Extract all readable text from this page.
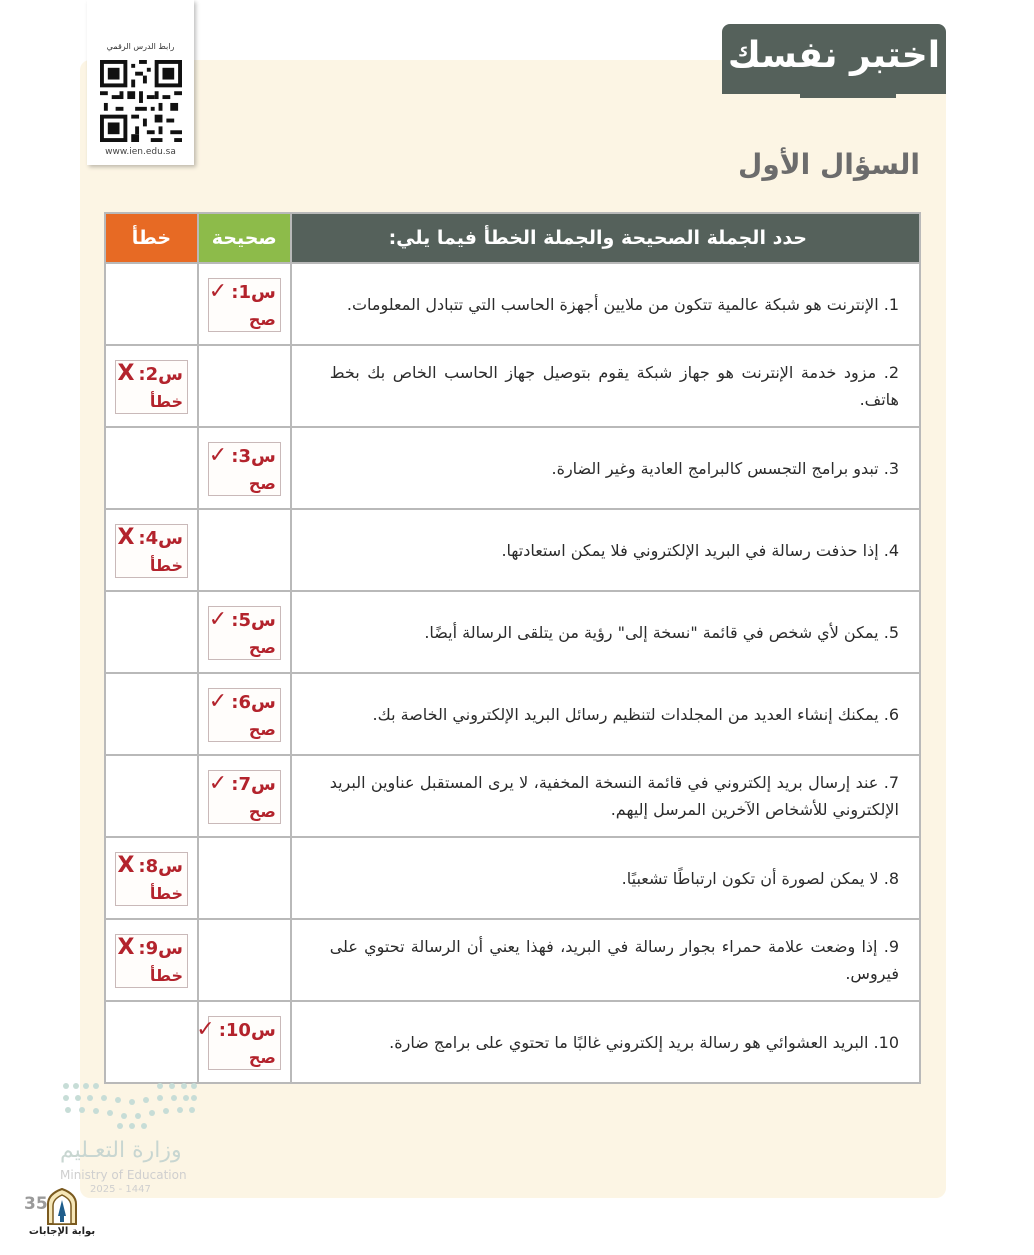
رابط الدرس الرقمي
www.ien.edu.sa
اختبر نفسك
السؤال الأول
حدد الجملة الصحيحة والجملة الخطأ فيما يلي:	صحيحة	خطأ
1. الإنترنت هو شبكة عالمية تتكون من ملايين أجهزة الحاسب التي تتبادل المعلومات.	س1:✓
صح	

2. مزود خدمة الإنترنت هو جهاز شبكة يقوم بتوصيل جهاز الحاسب الخاص بك بخط هاتف.		س2:X
خطأ

3. تبدو برامج التجسس كالبرامج العادية وغير الضارة.	س3:✓
صح	

4. إذا حذفت رسالة في البريد الإلكتروني فلا يمكن استعادتها.		س4:X
خطأ

5. يمكن لأي شخص في قائمة "نسخة إلى" رؤية من يتلقى الرسالة أيضًا.	س5:✓
صح	

6. يمكنك إنشاء العديد من المجلدات لتنظيم رسائل البريد الإلكتروني الخاصة بك.	س6:✓
صح	

7. عند إرسال بريد إلكتروني في قائمة النسخة المخفية، لا يرى المستقبل عناوين البريد الإلكتروني للأشخاص الآخرين المرسل إليهم.	س7:✓
صح	

8. لا يمكن لصورة أن تكون ارتباطًا تشعبيًا.		س8:X
خطأ

9. إذا وضعت علامة حمراء بجوار رسالة في البريد، فهذا يعني أن الرسالة تحتوي على فيروس.		س9:X
خطأ

10. البريد العشوائي هو رسالة بريد إلكتروني غالبًا ما تحتوي على برامج ضارة.	س10:✓
صح	

وزارة التعـليم
Ministry of Education
2025 - 1447
35
بوابة الإجابات
